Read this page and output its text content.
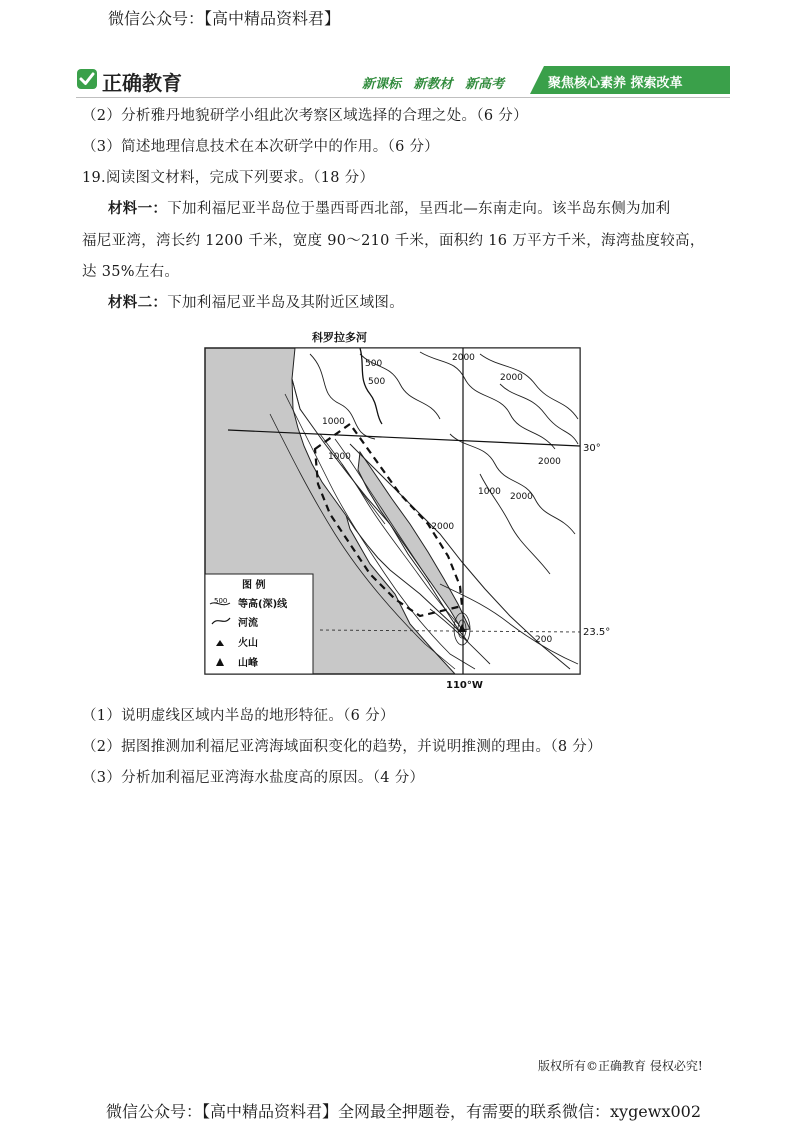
微信公众号：【高中精品资料君】
正确教育	新课标 新教材 新高考	聚焦核心素养 探索改革
（2）分析雅丹地貌研学小组此次考察区域选择的合理之处。（6 分）
（3）简述地理信息技术在本次研学中的作用。（6 分）
19.阅读图文材料，完成下列要求。（18 分）
材料一：下加利福尼亚半岛位于墨西哥西北部，呈西北—东南走向。该半岛东侧为加利
福尼亚湾，湾长约 1200 千米，宽度 90～210 千米，面积约 16 万平方千米，海湾盐度较高，
达 35%左右。
材料二：下加利福尼亚半岛及其附近区域图。
科罗拉多河
500
500
2000
2000
1000
1000	2000
1000 2000
-2000
200
30°
23.5°
110°W
图 例
500 等高(深)线
河流
火山
山峰
（1）说明虚线区域内半岛的地形特征。（6 分）
（2）据图推测加利福尼亚湾海域面积变化的趋势，并说明推测的理由。（8 分）
（3）分析加利福尼亚湾海水盐度高的原因。（4 分）
版权所有©正确教育 侵权必究!
微信公众号：【高中精品资料君】全网最全押题卷，有需要的联系微信：xygewx002
